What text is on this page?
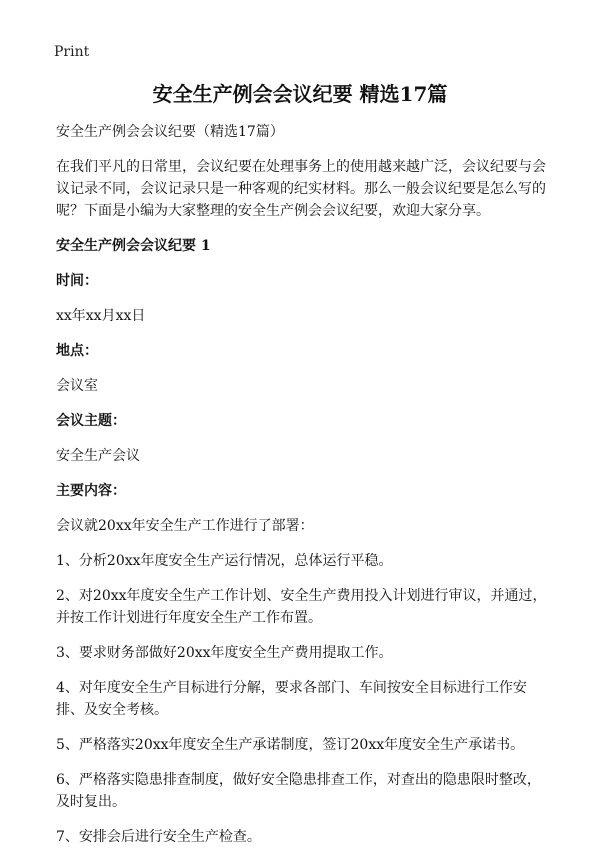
Print
安全生产例会会议纪要 精选17篇

安全生产例会会议纪要（精选17篇）

在我们平凡的日常里，会议纪要在处理事务上的使用越来越广泛，会议纪要与会议记录不同，会议记录只是一种客观的纪实材料。那么一般会议纪要是怎么写的呢？下面是小编为大家整理的安全生产例会会议纪要，欢迎大家分享。

安全生产例会会议纪要 1

时间：

xx年xx月xx日

地点：

会议室

会议主题：

安全生产会议

主要内容：

会议就20xx年安全生产工作进行了部署：

1、分析20xx年度安全生产运行情况，总体运行平稳。

2、对20xx年度安全生产工作计划、安全生产费用投入计划进行审议，并通过，并按工作计划进行年度安全生产工作布置。

3、要求财务部做好20xx年度安全生产费用提取工作。

4、对年度安全生产目标进行分解，要求各部门、车间按安全目标进行工作安排、及安全考核。

5、严格落实20xx年度安全生产承诺制度，签订20xx年度安全生产承诺书。

6、严格落实隐患排查制度，做好安全隐患排查工作，对查出的隐患限时整改，及时复出。

7、安排会后进行安全生产检查。
